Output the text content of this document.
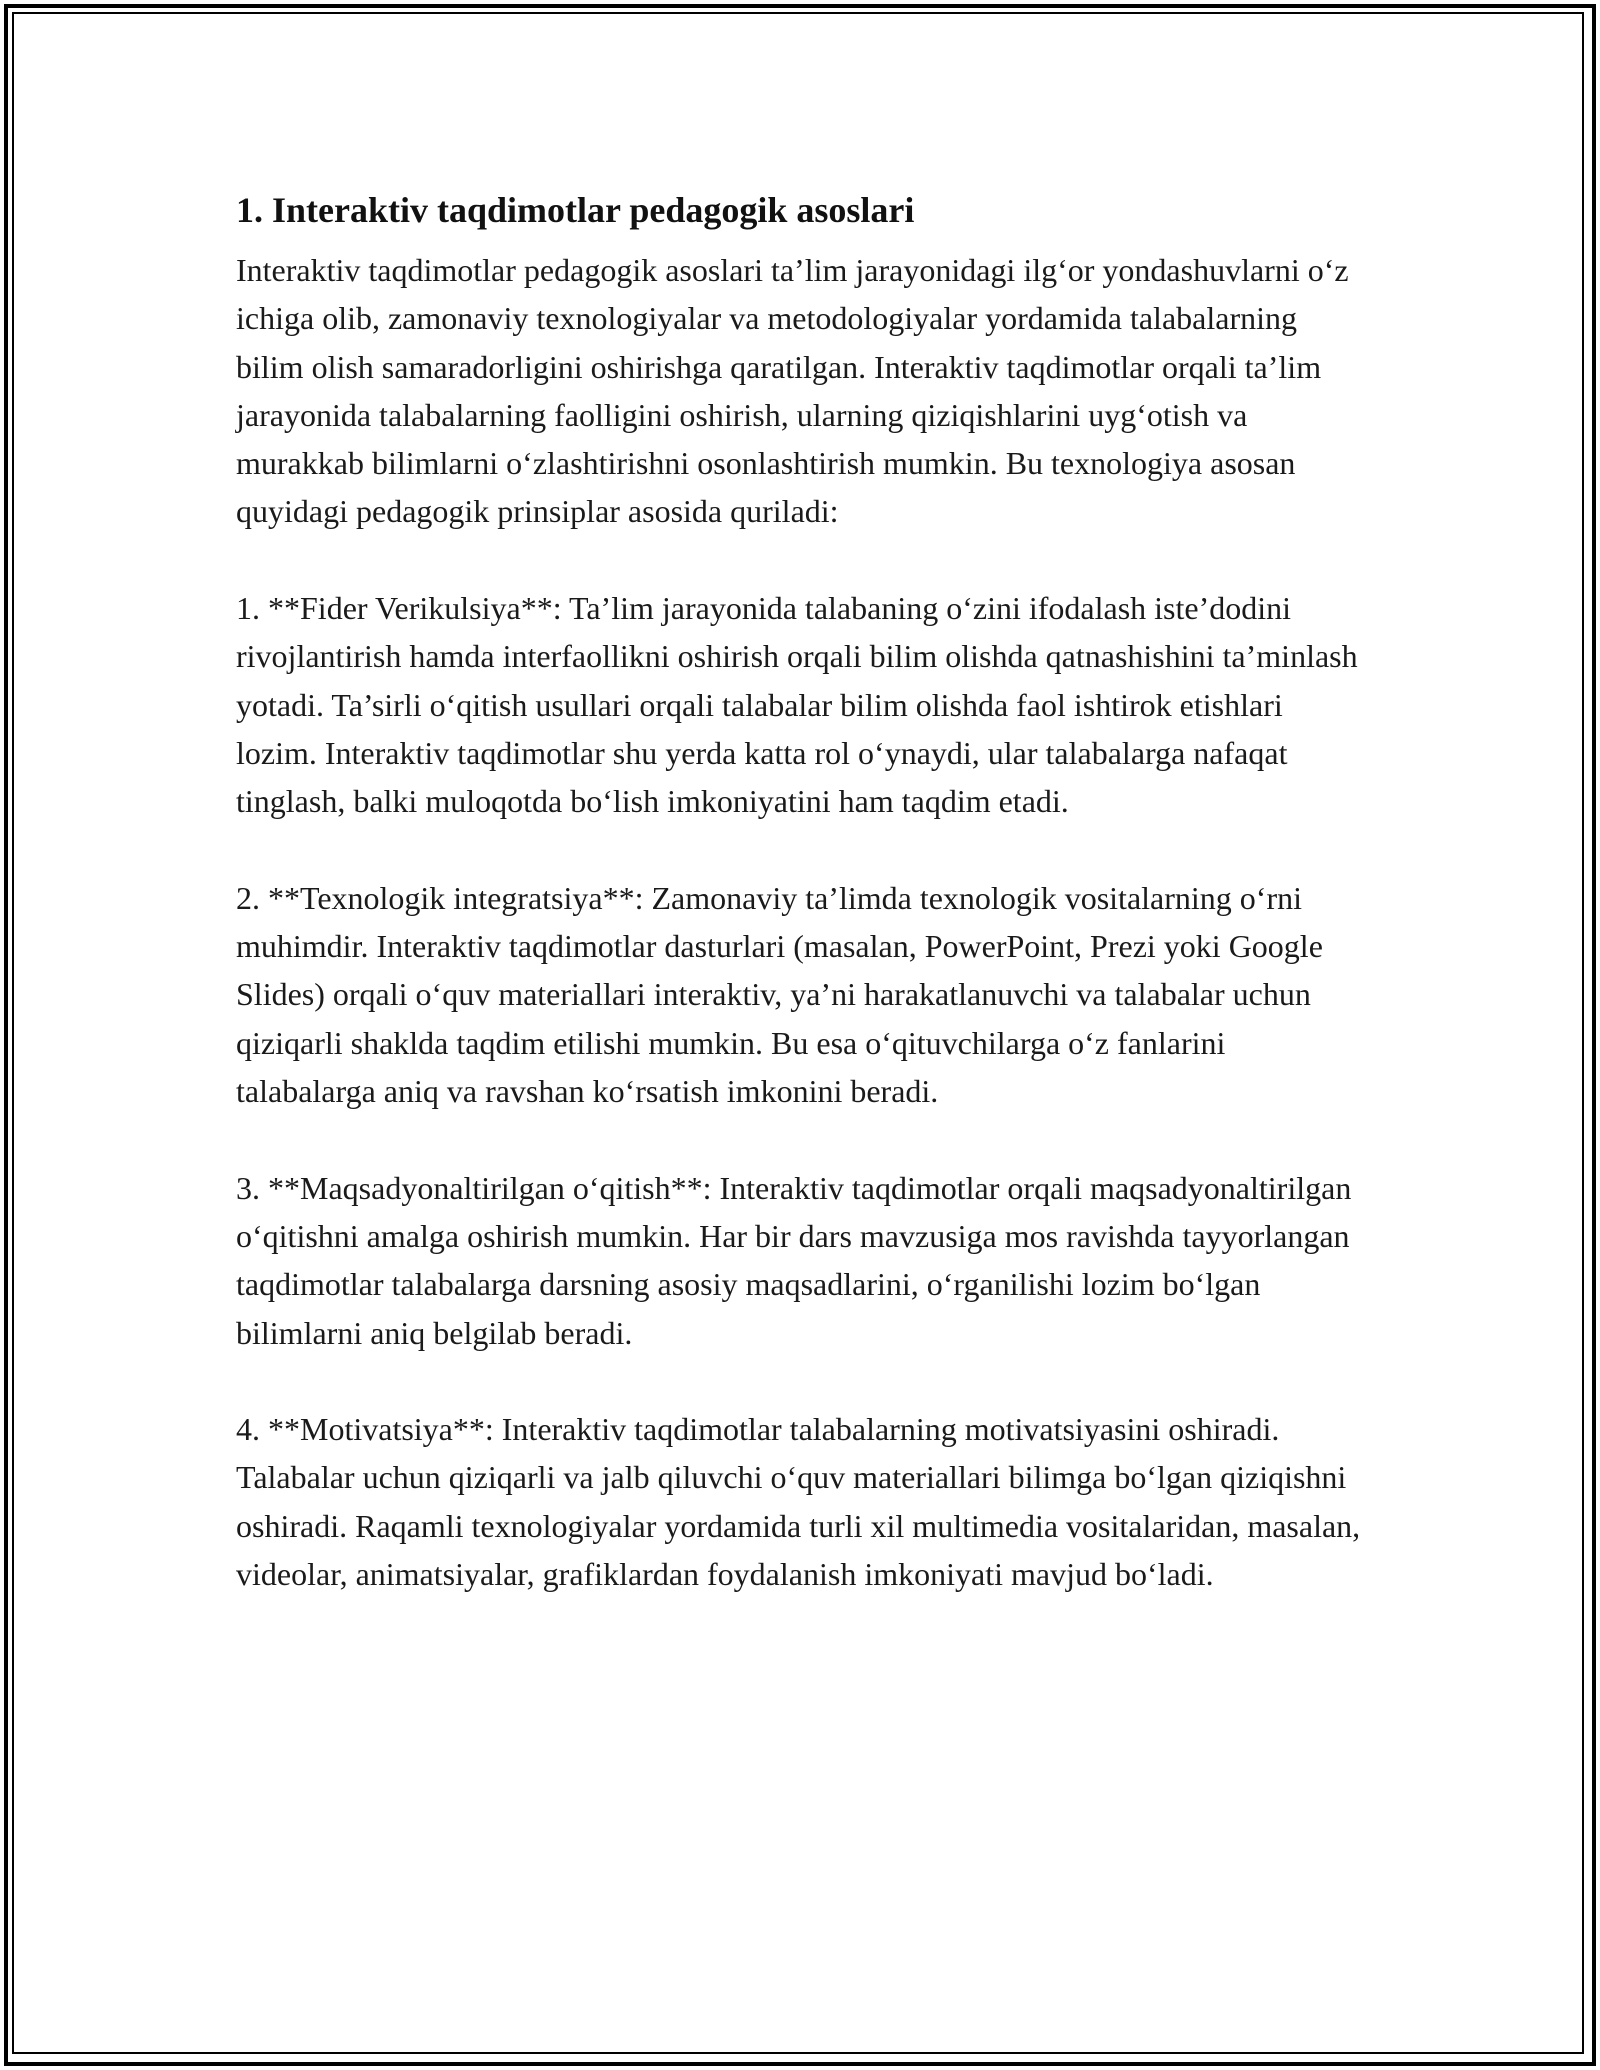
1. Interaktiv taqdimotlar pedagogik asoslari

Interaktiv taqdimotlar pedagogik asoslari ta’lim jarayonidagi ilg‘or yondashuvlarni o‘z ichiga olib, zamonaviy texnologiyalar va metodologiyalar yordamida talabalarning bilim olish samaradorligini oshirishga qaratilgan. Interaktiv taqdimotlar orqali ta’lim jarayonida talabalarning faolligini oshirish, ularning qiziqishlarini uyg‘otish va murakkab bilimlarni o‘zlashtirishni osonlashtirish mumkin. Bu texnologiya asosan quyidagi pedagogik prinsiplar asosida quriladi:

1. **Fider Verikulsiya**: Ta’lim jarayonida talabaning o‘zini ifodalash iste’dodini rivojlantirish hamda interfaollikni oshirish orqali bilim olishda qatnashishini ta’minlash yotadi. Ta’sirli o‘qitish usullari orqali talabalar bilim olishda faol ishtirok etishlari lozim. Interaktiv taqdimotlar shu yerda katta rol o‘ynaydi, ular talabalarga nafaqat tinglash, balki muloqotda bo‘lish imkoniyatini ham taqdim etadi.

2. **Texnologik integratsiya**: Zamonaviy ta’limda texnologik vositalarning o‘rni muhimdir. Interaktiv taqdimotlar dasturlari (masalan, PowerPoint, Prezi yoki Google Slides) orqali o‘quv materiallari interaktiv, ya’ni harakatlanuvchi va talabalar uchun qiziqarli shaklda taqdim etilishi mumkin. Bu esa o‘qituvchilarga o‘z fanlarini talabalarga aniq va ravshan ko‘rsatish imkonini beradi.

3. **Maqsadyonaltirilgan o‘qitish**: Interaktiv taqdimotlar orqali maqsadyonaltirilgan o‘qitishni amalga oshirish mumkin. Har bir dars mavzusiga mos ravishda tayyorlangan taqdimotlar talabalarga darsning asosiy maqsadlarini, o‘rganilishi lozim bo‘lgan bilimlarni aniq belgilab beradi.

4. **Motivatsiya**: Interaktiv taqdimotlar talabalarning motivatsiyasini oshiradi. Talabalar uchun qiziqarli va jalb qiluvchi o‘quv materiallari bilimga bo‘lgan qiziqishni oshiradi. Raqamli texnologiyalar yordamida turli xil multimedia vositalaridan, masalan, videolar, animatsiyalar, grafiklardan foydalanish imkoniyati mavjud bo‘ladi.
